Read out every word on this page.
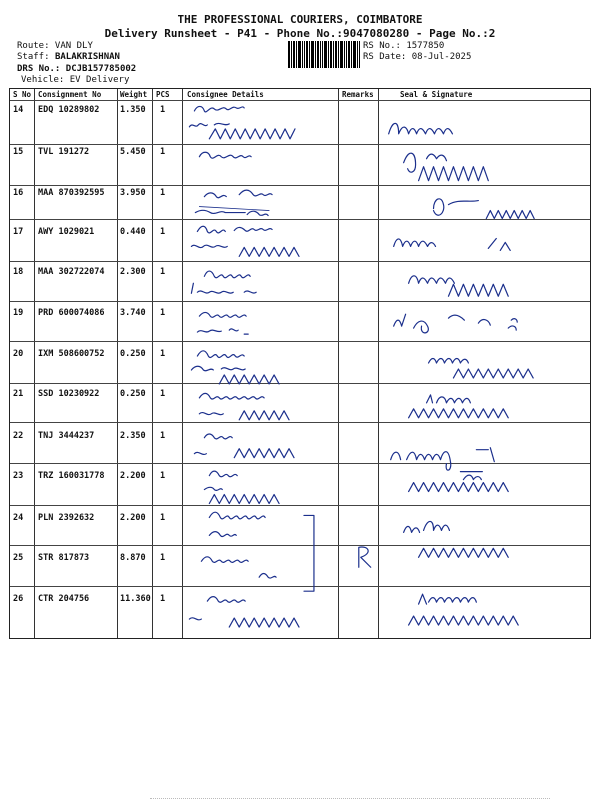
THE PROFESSIONAL COURIERS, COIMBATORE
Delivery Runsheet - P41 - Phone No.:9047080280 - Page No.:2
Route: VAN DLY
Staff: BALAKRISHNAN
DRS No.: DCJB157785002
Vehicle: EV Delivery
RS No.: 1577850
RS Date: 08-Jul-2025
S No Consignment No	Weight PCS Consignee Details	Remarks	Seal & Signature
14 EDQ 10289802 1.350 1
15 TVL 191272	5.450 1
16 MAA 870392595 3.950 1
17 AWY 1029021	0.440 1
18 MAA 302722074 2.300 1
19 PRD 600074086 3.740 1
20 IXM 508600752 0.250 1
21 SSD 10230922 0.250 1
22 TNJ 3444237	2.350 1
23 TRZ 160031778 2.200 1
24 PLN 2392632	2.200 1
25 STR 817873	8.870 1
26 CTR 204756	11.360 1
